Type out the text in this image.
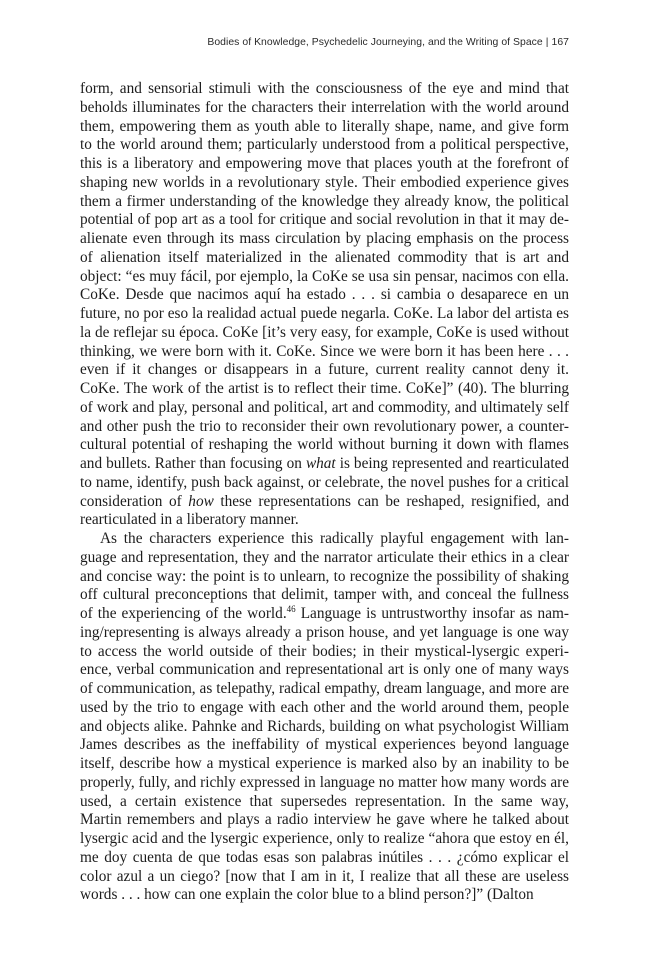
Bodies of Knowledge, Psychedelic Journeying, and the Writing of Space | 167

form, and sensorial stimuli with the consciousness of the eye and mind that beholds illuminates for the characters their interrelation with the world around them, empowering them as youth able to literally shape, name, and give form to the world around them; particularly understood from a political perspective, this is a liberatory and empowering move that places youth at the forefront of shaping new worlds in a revolutionary style. Their embodied experience gives them a firmer understanding of the knowledge they already know, the political potential of pop art as a tool for critique and social revolution in that it may de-alienate even through its mass circulation by placing emphasis on the process of alienation itself materialized in the alienated commodity that is art and object: “es muy fácil, por ejemplo, la CoKe se usa sin pensar, nacimos con ella. CoKe. Desde que nacimos aquí ha estado . . . si cambia o desaparece en un future, no por eso la realidad actual puede negarla. CoKe. La labor del artista es la de reflejar su época. CoKe [it’s very easy, for example, CoKe is used without thinking, we were born with it. CoKe. Since we were born it has been here . . . even if it changes or disappears in a future, current reality cannot deny it. CoKe. The work of the artist is to reflect their time. CoKe]” (40). The blurring of work and play, personal and political, art and commodity, and ultimately self and other push the trio to reconsider their own revolutionary power, a counter-cultural potential of reshaping the world without burning it down with flames and bullets. Rather than focusing on what is being represented and rearticulated to name, identify, push back against, or celebrate, the novel pushes for a critical consideration of how these representations can be reshaped, resignified, and rearticulated in a liberatory manner.

As the characters experience this radically playful engagement with lan-guage and representation, they and the narrator articulate their ethics in a clear and concise way: the point is to unlearn, to recognize the possibility of shaking off cultural preconceptions that delimit, tamper with, and conceal the fullness of the experiencing of the world.$^{46}$ Language is untrustworthy insofar as nam-ing/representing is always already a prison house, and yet language is one way to access the world outside of their bodies; in their mystical-lysergic experi-ence, verbal communication and representational art is only one of many ways of communication, as telepathy, radical empathy, dream language, and more are used by the trio to engage with each other and the world around them, people and objects alike. Pahnke and Richards, building on what psychologist William James describes as the ineffability of mystical experiences beyond language itself, describe how a mystical experience is marked also by an inability to be properly, fully, and richly expressed in language no matter how many words are used, a certain existence that supersedes representation. In the same way, Martin remembers and plays a radio interview he gave where he talked about lysergic acid and the lysergic experience, only to realize “ahora que estoy en él, me doy cuenta de que todas esas son palabras inútiles . . . ¿cómo explicar el color azul a un ciego? [now that I am in it, I realize that all these are useless words . . . how can one explain the color blue to a blind person?]” (Dalton
